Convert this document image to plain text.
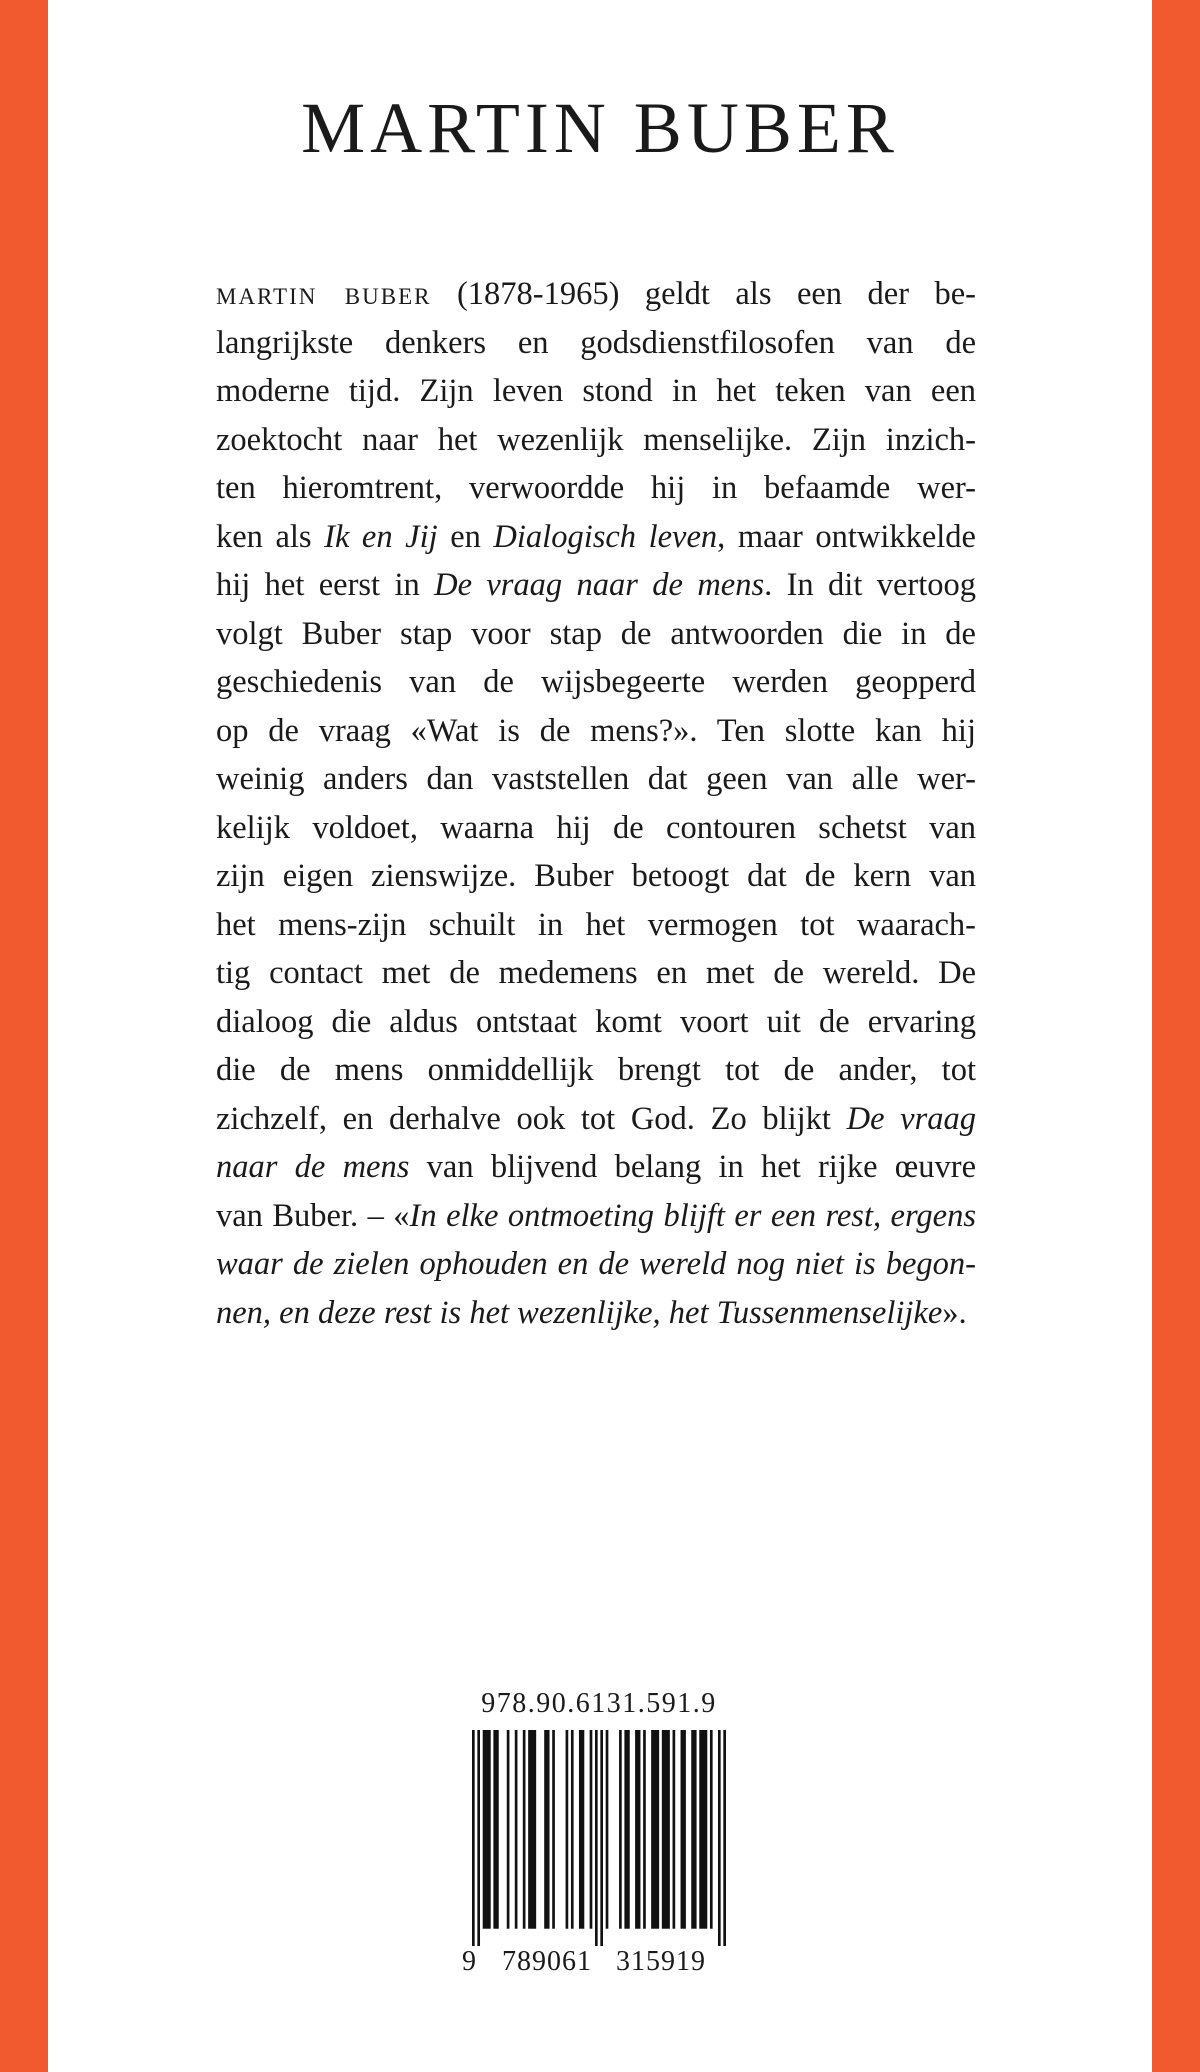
MARTIN BUBER
martin buber (1878-1965) geldt als een der be-
langrijkste denkers en godsdienstfilosofen van de
moderne tijd. Zijn leven stond in het teken van een
zoektocht naar het wezenlijk menselijke. Zijn inzich-
ten hieromtrent, verwoordde hij in befaamde wer-
ken als Ik en Jij en Dialogisch leven, maar ontwikkelde
hij het eerst in De vraag naar de mens. In dit vertoog
volgt Buber stap voor stap de antwoorden die in de
geschiedenis van de wijsbegeerte werden geopperd
op de vraag «Wat is de mens?». Ten slotte kan hij
weinig anders dan vaststellen dat geen van alle wer-
kelijk voldoet, waarna hij de contouren schetst van
zijn eigen zienswijze. Buber betoogt dat de kern van
het mens-zijn schuilt in het vermogen tot waarach-
tig contact met de medemens en met de wereld. De
dialoog die aldus ontstaat komt voort uit de ervaring
die de mens onmiddellijk brengt tot de ander, tot
zichzelf, en derhalve ook tot God. Zo blijkt De vraag
naar de mens van blijvend belang in het rijke œuvre
van Buber. – «In elke ontmoeting blijft er een rest, ergens
waar de zielen ophouden en de wereld nog niet is begon-
nen, en deze rest is het wezenlijke, het Tussenmenselijke».
978.90.6131.591.9
9 789061 315919
